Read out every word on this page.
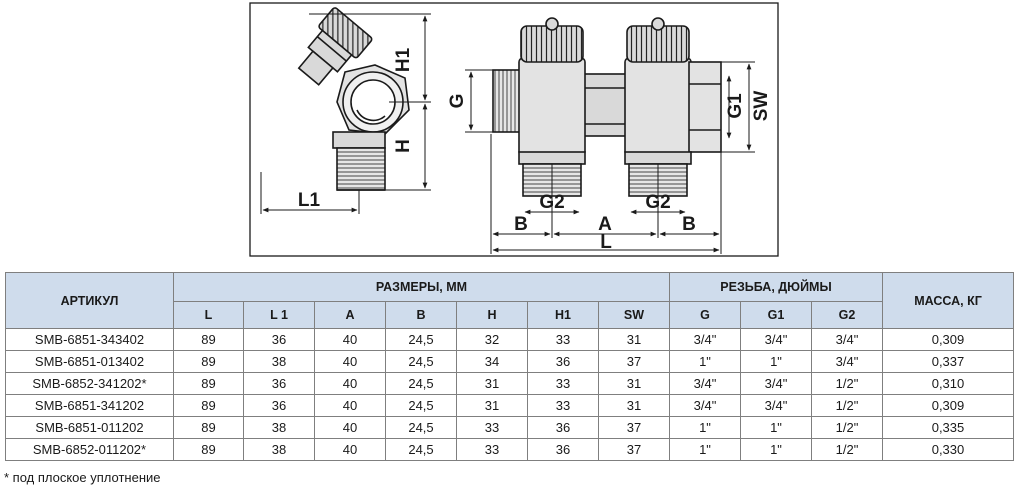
H1
H
L1
G	G1 SW
G2	G2
B	A	B
L
АРТИКУЛ	РАЗМЕРЫ, ММ							РЕЗЬБА, ДЮЙМЫ			МАССА, КГ
	L	L 1	A	B	H	H1	SW	G	G1	G2	
SMB-6851-343402	89	36	40	24,5	32	33	31	3/4"	3/4"	3/4"	0,309
SMB-6851-013402	89	38	40	24,5	34	36	37	1"	1"	3/4"	0,337
SMB-6852-341202*	89	36	40	24,5	31	33	31	3/4"	3/4"	1/2"	0,310
SMB-6851-341202	89	36	40	24,5	31	33	31	3/4"	3/4"	1/2"	0,309
SMB-6851-011202	89	38	40	24,5	33	36	37	1"	1"	1/2"	0,335
SMB-6852-011202*	89	38	40	24,5	33	36	37	1"	1"	1/2"	0,330
* под плоское уплотнение
